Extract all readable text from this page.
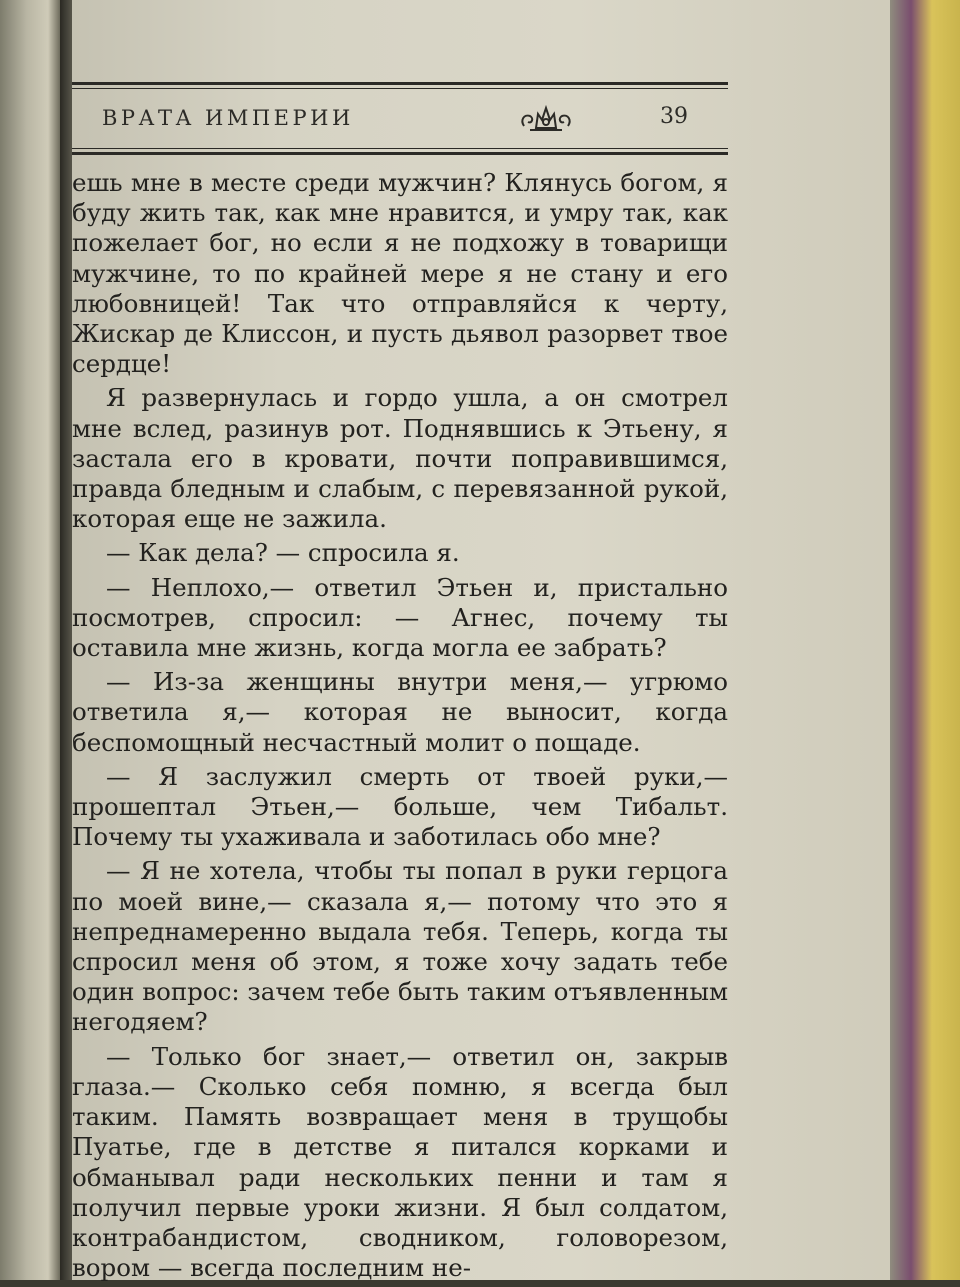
ВРАТА ИМПЕРИИ	39

ешь мне в месте среди мужчин? Клянусь богом, я буду жить так, как мне нравится, и умру так, как пожелает бог, но если я не подхожу в товарищи мужчине, то по крайней мере я не стану и его любовницей! Так что отправляйся к черту, Жискар де Клиссон, и пусть дьявол разорвет твое сердце!

Я развернулась и гордо ушла, а он смотрел мне вслед, разинув рот. Поднявшись к Этьену, я застала его в кровати, почти поправившимся, правда бледным и слабым, с перевязанной рукой, которая еще не зажила.

— Как дела? — спросила я.

— Неплохо,— ответил Этьен и, пристально посмотрев, спросил: — Агнес, почему ты оставила мне жизнь, когда могла ее забрать?

— Из-за женщины внутри меня,— угрюмо ответила я,— которая не выносит, когда беспомощный несчастный молит о пощаде.

— Я заслужил смерть от твоей руки,— прошептал Этьен,— больше, чем Тибальт. Почему ты ухаживала и заботилась обо мне?

— Я не хотела, чтобы ты попал в руки герцога по моей вине,— сказала я,— потому что это я непреднамеренно выдала тебя. Теперь, когда ты спросил меня об этом, я тоже хочу задать тебе один вопрос: зачем тебе быть таким отъявленным негодяем?

— Только бог знает,— ответил он, закрыв глаза.— Сколько себя помню, я всегда был таким. Память возвращает меня в трущобы Пуатье, где в детстве я питался корками и обманывал ради нескольких пенни и там я получил первые уроки жизни. Я был солдатом, контрабандистом, сводником, головорезом, вором — всегда последним не-
